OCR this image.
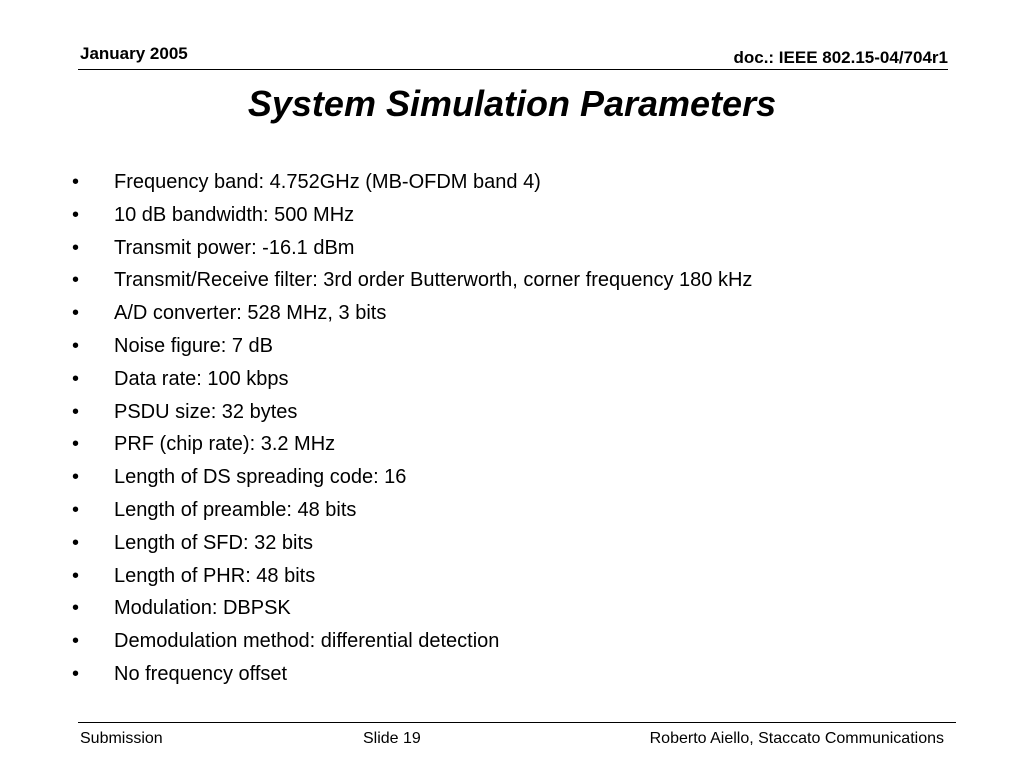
January 2005	doc.: IEEE 802.15-04/704r1
System Simulation Parameters
• Frequency band: 4.752GHz (MB-OFDM band 4)
• 10 dB bandwidth: 500 MHz
• Transmit power: -16.1 dBm
• Transmit/Receive filter: 3rd order Butterworth, corner frequency 180 kHz
• A/D converter: 528 MHz, 3 bits
• Noise figure: 7 dB
• Data rate: 100 kbps
• PSDU size: 32 bytes
• PRF (chip rate): 3.2 MHz
• Length of DS spreading code: 16
• Length of preamble: 48 bits
• Length of SFD: 32 bits
• Length of PHR: 48 bits
• Modulation: DBPSK
• Demodulation method: differential detection
• No frequency offset
Submission	Slide 19	Roberto Aiello, Staccato Communications
